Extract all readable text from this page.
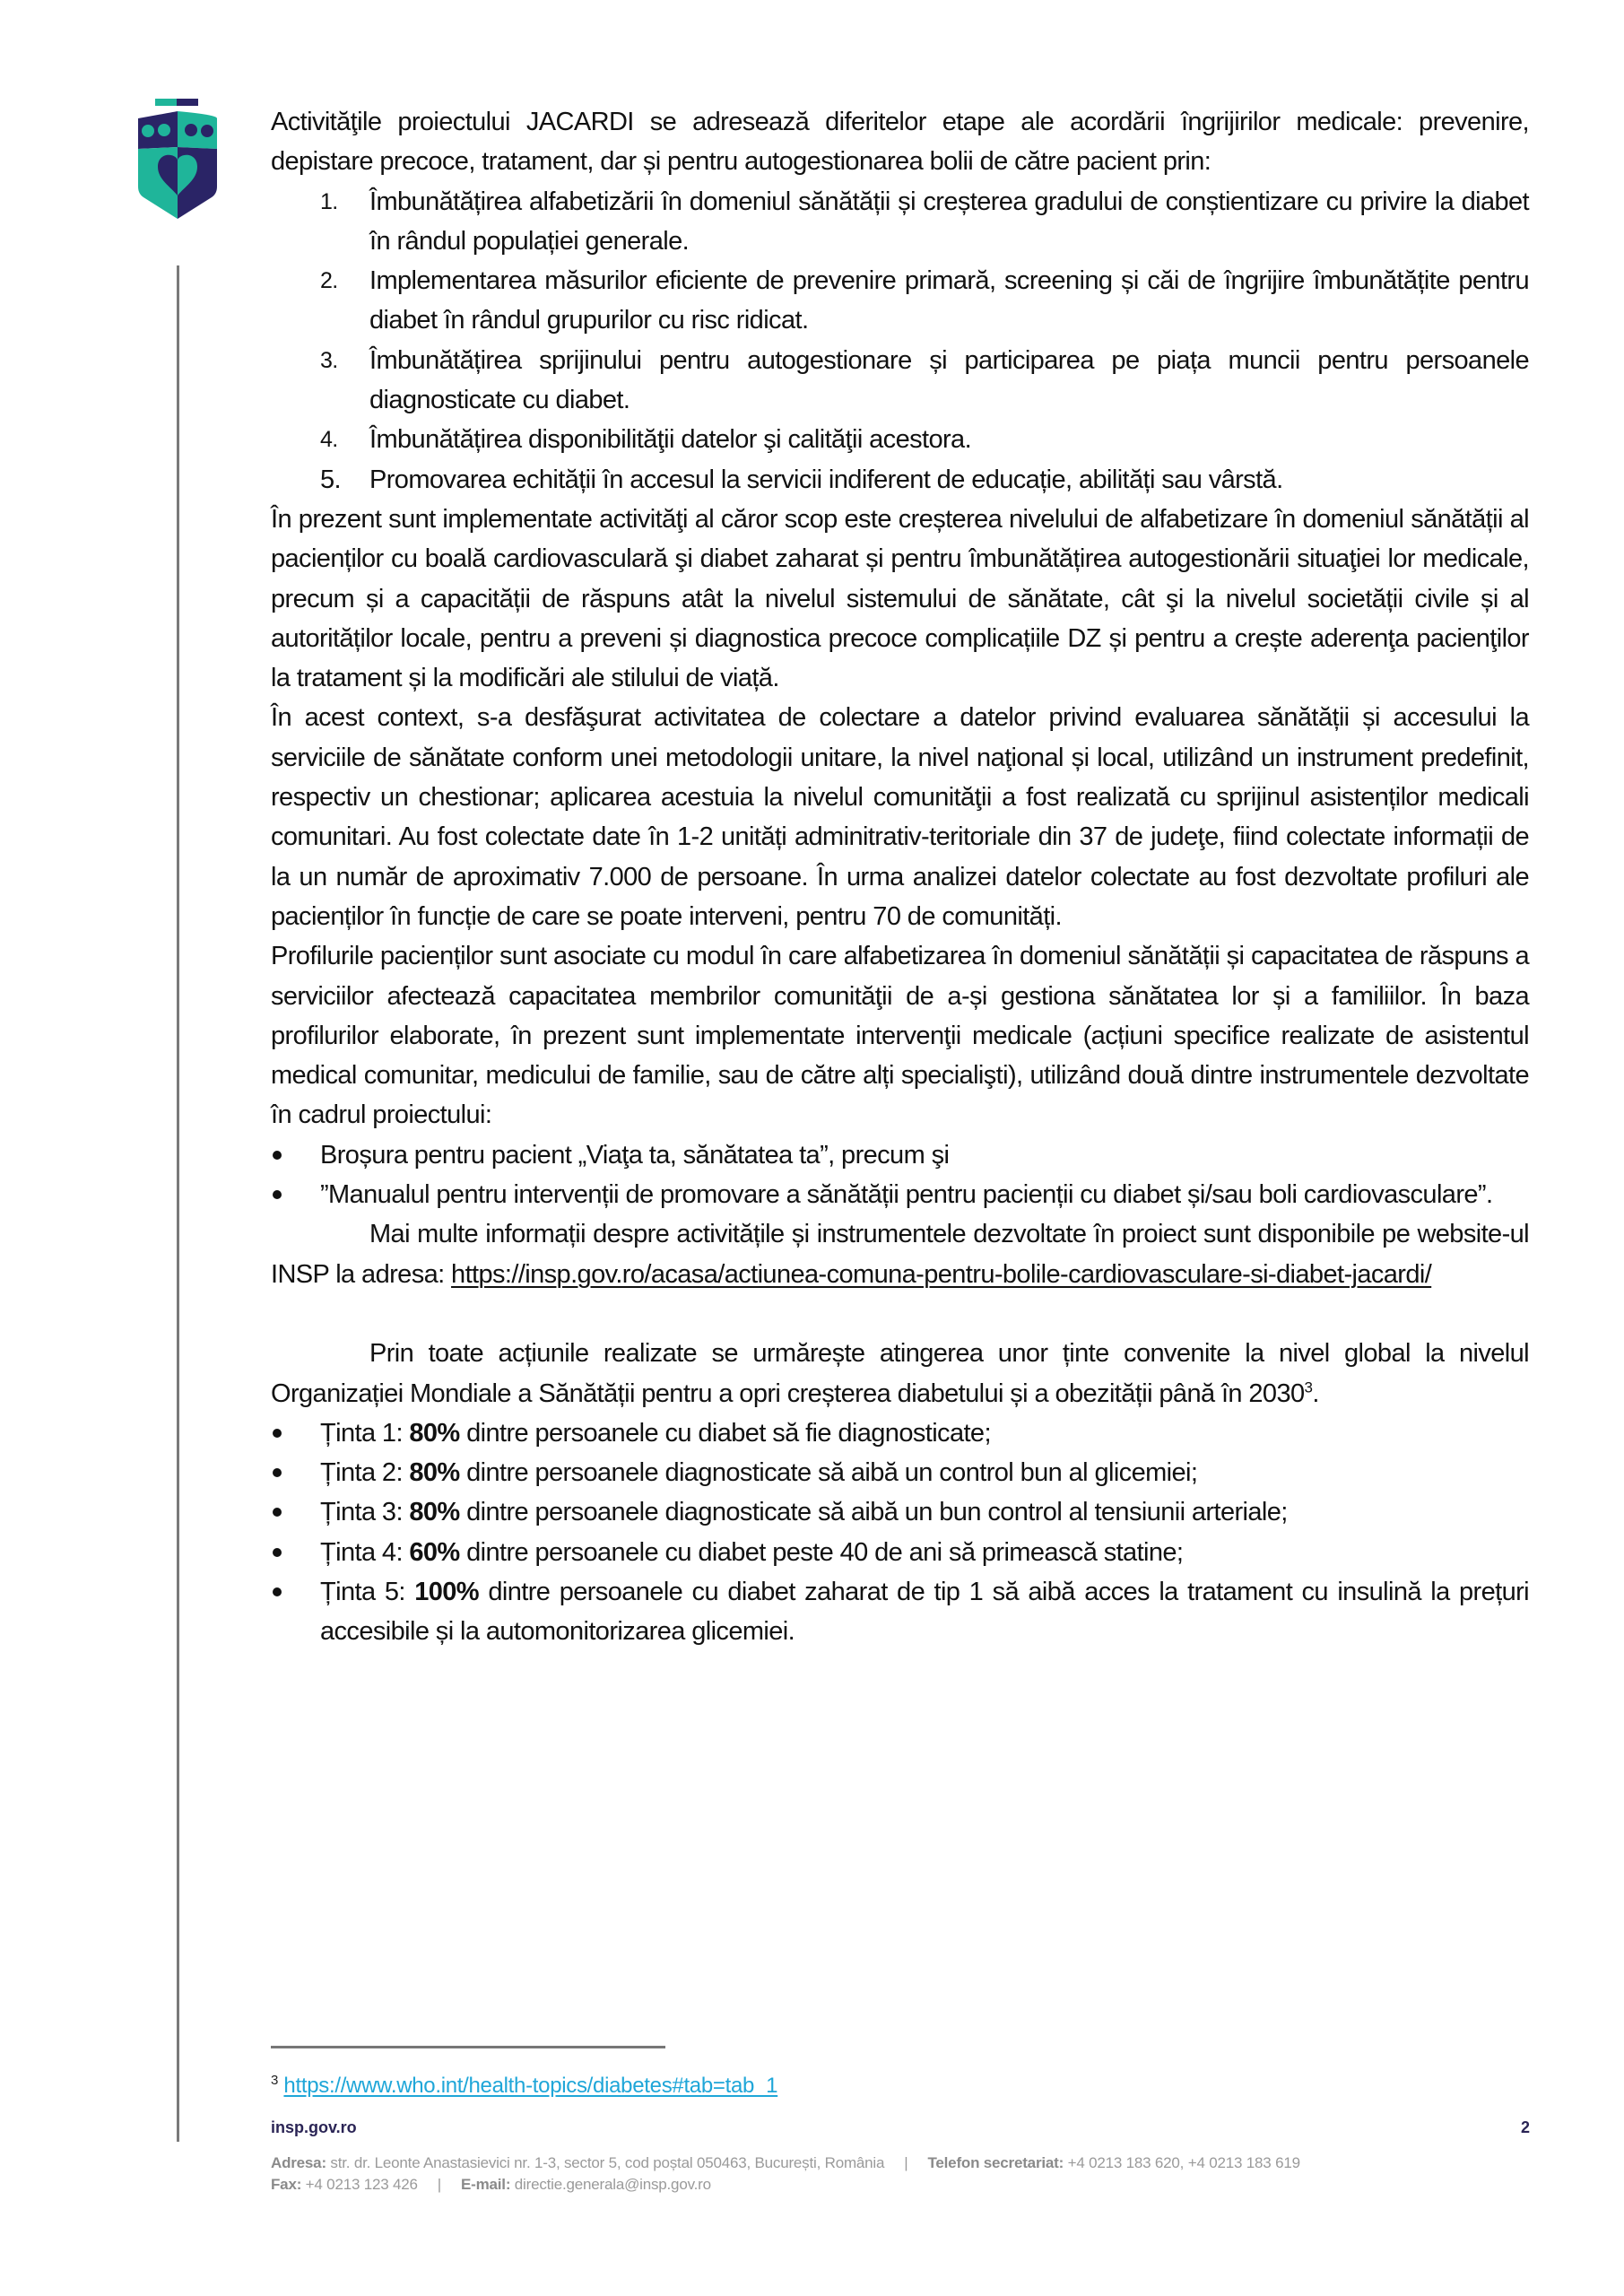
Activităţile proiectului JACARDI se adresează diferitelor etape ale acordării îngrijirilor medicale: prevenire, depistare precoce, tratament, dar și pentru autogestionarea bolii de către pacient prin:

1. Îmbunătățirea alfabetizării în domeniul sănătății și creșterea gradului de conștientizare cu privire la diabet în rândul populației generale.
2. Implementarea măsurilor eficiente de prevenire primară, screening și căi de îngrijire îmbunătățite pentru diabet în rândul grupurilor cu risc ridicat.
3. Îmbunătățirea sprijinului pentru autogestionare și participarea pe piața muncii pentru persoanele diagnosticate cu diabet.
4. Îmbunătățirea disponibilităţii datelor şi calităţii acestora.
5. Promovarea echității în accesul la servicii indiferent de educație, abilități sau vârstă.

În prezent sunt implementate activităţi al căror scop este creșterea nivelului de alfabetizare în domeniul sănătății al pacienților cu boală cardiovasculară şi diabet zaharat și pentru îmbunătățirea autogestionării situaţiei lor medicale, precum și a capacității de răspuns atât la nivelul sistemului de sănătate, cât şi la nivelul societății civile și al autorităților locale, pentru a preveni și diagnostica precoce complicațiile DZ și pentru a crește aderenţa pacienţilor la tratament și la modificări ale stilului de viață.

În acest context, s-a desfăşurat activitatea de colectare a datelor privind evaluarea sănătății și accesului la serviciile de sănătate conform unei metodologii unitare, la nivel naţional și local, utilizând un instrument predefinit, respectiv un chestionar; aplicarea acestuia la nivelul comunităţii a fost realizată cu sprijinul asistenților medicali comunitari. Au fost colectate date în 1-2 unități adminitrativ-teritoriale din 37 de judeţe, fiind colectate informații de la un număr de aproximativ 7.000 de persoane. În urma analizei datelor colectate au fost dezvoltate profiluri ale pacienților în funcție de care se poate interveni, pentru 70 de comunități.

Profilurile pacienților sunt asociate cu modul în care alfabetizarea în domeniul sănătății și capacitatea de răspuns a serviciilor afectează capacitatea membrilor comunităţii de a-și gestiona sănătatea lor și a familiilor. În baza profilurilor elaborate, în prezent sunt implementate intervenţii medicale (acțiuni specifice realizate de asistentul medical comunitar, medicului de familie, sau de către alți specialişti), utilizând două dintre instrumentele dezvoltate în cadrul proiectului:

Broșura pentru pacient „Viaţa ta, sănătatea ta”, precum şi
”Manualul pentru intervenții de promovare a sănătății pentru pacienții cu diabet și/sau boli cardiovasculare”.

Mai multe informații despre activitățile și instrumentele dezvoltate în proiect sunt disponibile pe website-ul INSP la adresa: https://insp.gov.ro/acasa/actiunea-comuna-pentru-bolile-cardiovasculare-si-diabet-jacardi/

Prin toate acțiunile realizate se urmărește atingerea unor ținte convenite la nivel global la nivelul Organizației Mondiale a Sănătății pentru a opri creșterea diabetului și a obezității până în 2030$^3$.

Ținta 1: 80% dintre persoanele cu diabet să fie diagnosticate;
Ținta 2: 80% dintre persoanele diagnosticate să aibă un control bun al glicemiei;
Ținta 3: 80% dintre persoanele diagnosticate să aibă un bun control al tensiunii arteriale;
Ținta 4: 60% dintre persoanele cu diabet peste 40 de ani să primească statine;
Ținta 5: 100% dintre persoanele cu diabet zaharat de tip 1 să aibă acces la tratament cu insulină la prețuri accesibile și la automonitorizarea glicemiei.
$^3$ https://www.who.int/health-topics/diabetes#tab=tab_1
insp.gov.ro	2
Adresa: str. dr. Leonte Anastasievici nr. 1-3, sector 5, cod poștal 050463, București, România | Telefon secretariat: +4 0213 183 620, +4 0213 183 619
Fax: +4 0213 123 426 | E-mail: directie.generala@insp.gov.ro
